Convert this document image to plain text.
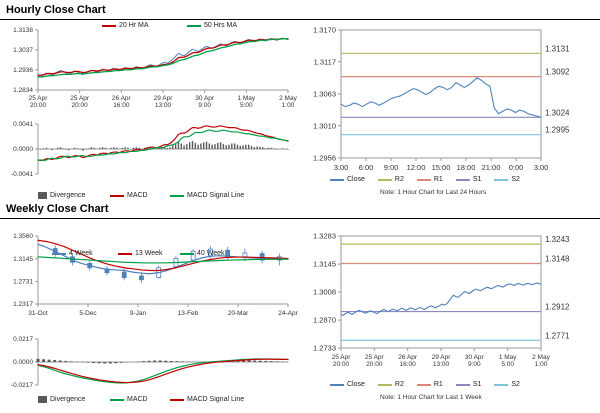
Hourly Close Chart
1.2834
1.2936
1.3037
1.3138
25 Apr
20:00
25 Apr
20:00
26 Apr
16:00
29 Apr
13:00
30 Apr
9:00
1 May
5:00
2 May
1:00
20 Hr MA	50 Hrs MA
-0.0041
0.0000
0.0041
Divergence	MACD	MACD Signal Line
1.2956
1.3010
1.3063
1.3117
1.3170
1.3131
1.3092
1.3024
1.2995
3:00 6:00 9:00 12:00 15:00 18:00 21:00 0:00 3:00
Close	R2	R1	S1	S2
Note: 1 Hour Chart for Last 24 Hours
Weekly Close Chart
1.2317
1.2731
1.3145
1.3560
31-Oct	5-Dec	9-Jan	13-Feb	20-Mar	24-Apr
4 Week	13 Week	40 Week
-0.0217
0.0000
0.0217
Divergence	MACD	MACD Signal Line
1.2733
1.2870
1.3008
1.3145
1.3283	1.3243
1.3148
1.2912
1.2771
25 Apr
20:00
25 Apr
20:00
26 Apr
16:00
29 Apr
13:00
30 Apr
9:00
1 May
5:00
2 May
1:00
Close	R2	R1	S1	S2
Note: 1 Hour Chart for Last 1 Week
